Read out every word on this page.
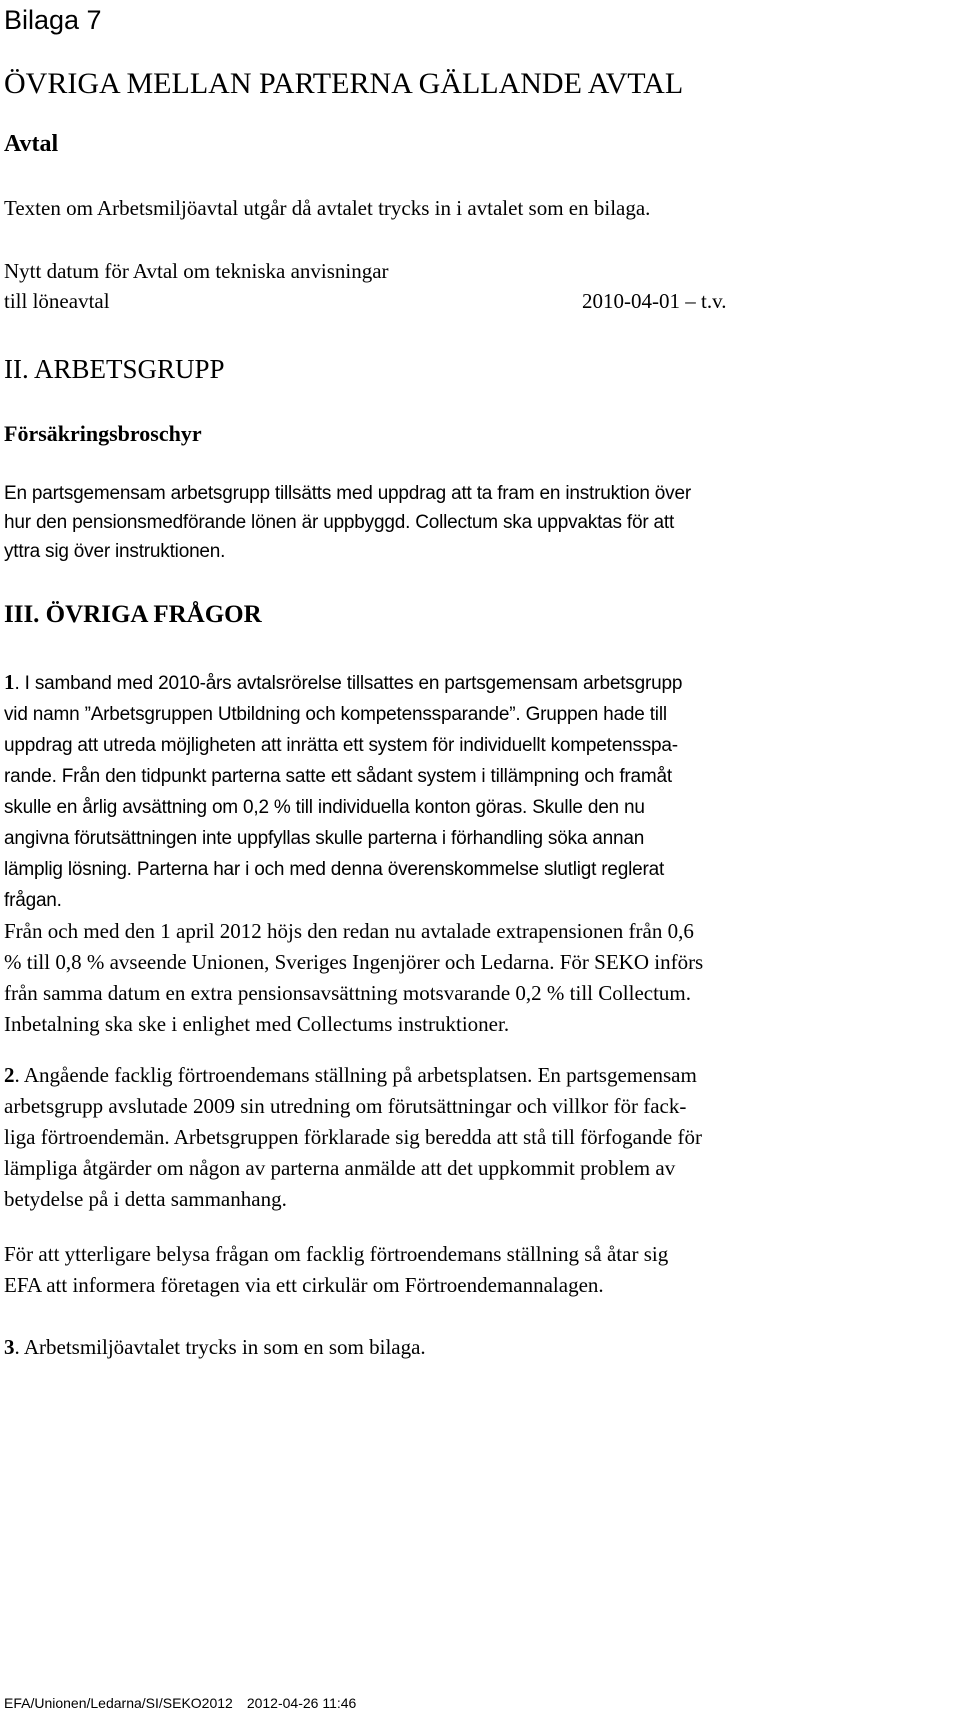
Bilaga 7
ÖVRIGA MELLAN PARTERNA GÄLLANDE AVTAL
Avtal
Texten om Arbetsmiljöavtal utgår då avtalet trycks in i avtalet som en bilaga.
Nytt datum för Avtal om tekniska anvisningar
till löneavtal	2010-04-01 – t.v.
II. ARBETSGRUPP
Försäkringsbroschyr
En partsgemensam arbetsgrupp tillsätts med uppdrag att ta fram en instruktion över
hur den pensionsmedförande lönen är uppbyggd. Collectum ska uppvaktas för att
yttra sig över instruktionen.
III. ÖVRIGA FRÅGOR
1. I samband med 2010-års avtalsrörelse tillsattes en partsgemensam arbetsgrupp
vid namn ”Arbetsgruppen Utbildning och kompetenssparande”. Gruppen hade till
uppdrag att utreda möjligheten att inrätta ett system för individuellt kompetensspa-
rande. Från den tidpunkt parterna satte ett sådant system i tillämpning och framåt
skulle en årlig avsättning om 0,2 % till individuella konton göras. Skulle den nu
angivna förutsättningen inte uppfyllas skulle parterna i förhandling söka annan
lämplig lösning. Parterna har i och med denna överenskommelse slutligt reglerat
frågan.
Från och med den 1 april 2012 höjs den redan nu avtalade extrapensionen från 0,6
% till 0,8 % avseende Unionen, Sveriges Ingenjörer och Ledarna. För SEKO införs
från samma datum en extra pensionsavsättning motsvarande 0,2 % till Collectum.
Inbetalning ska ske i enlighet med Collectums instruktioner.
2. Angående facklig förtroendemans ställning på arbetsplatsen. En partsgemensam
arbetsgrupp avslutade 2009 sin utredning om förutsättningar och villkor för fack-
liga förtroendemän. Arbetsgruppen förklarade sig beredda att stå till förfogande för
lämpliga åtgärder om någon av parterna anmälde att det uppkommit problem av
betydelse på i detta sammanhang.
För att ytterligare belysa frågan om facklig förtroendemans ställning så åtar sig
EFA att informera företagen via ett cirkulär om Förtroendemannalagen.
3. Arbetsmiljöavtalet trycks in som en som bilaga.
EFA/Unionen/Ledarna/SI/SEKO2012 2012-04-26 11:46
